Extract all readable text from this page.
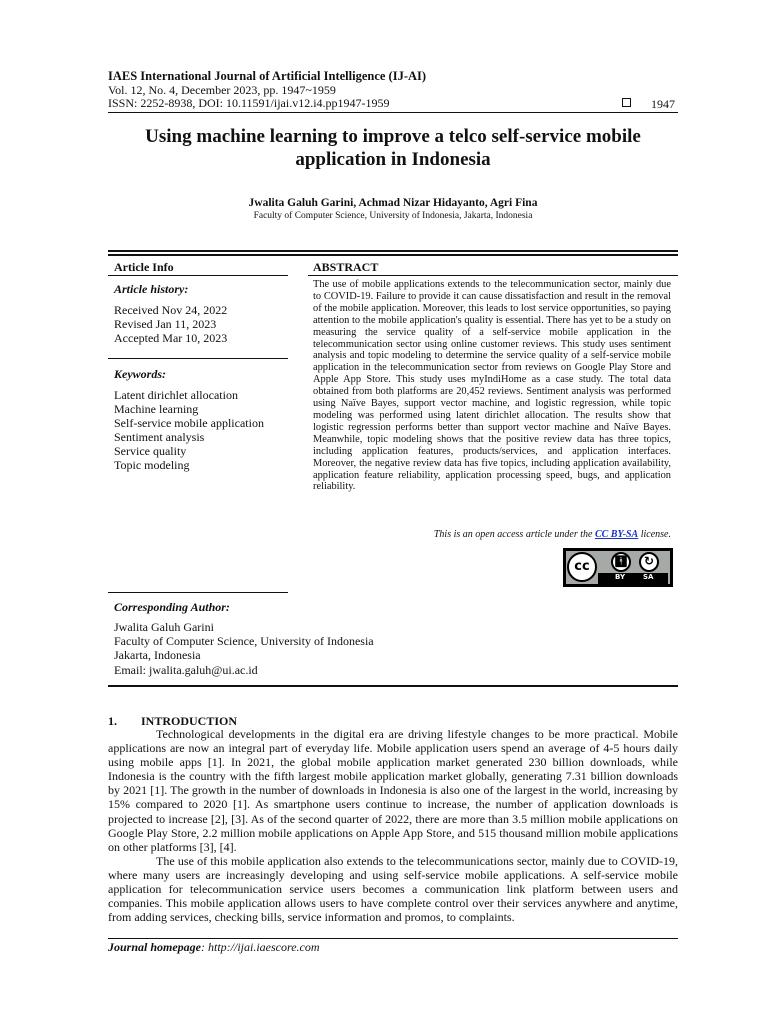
IAES International Journal of Artificial Intelligence (IJ-AI)
Vol. 12, No. 4, December 2023, pp. 1947~1959
ISSN: 2252-8938, DOI: 10.11591/ijai.v12.i4.pp1947-1959	1947
Using machine learning to improve a telco self-service mobile application in Indonesia
Jwalita Galuh Garini, Achmad Nizar Hidayanto, Agri Fina
Faculty of Computer Science, University of Indonesia, Jakarta, Indonesia
Article Info
Article history:
Received Nov 24, 2022
Revised Jan 11, 2023
Accepted Mar 10, 2023
Keywords:
Latent dirichlet allocation
Machine learning
Self-service mobile application
Sentiment analysis
Service quality
Topic modeling
ABSTRACT
The use of mobile applications extends to the telecommunication sector, mainly due to COVID-19. Failure to provide it can cause dissatisfaction and result in the removal of the mobile application. Moreover, this leads to lost service opportunities, so paying attention to the mobile application's quality is essential. There has yet to be a study on measuring the service quality of a self-service mobile application in the telecommunication sector using online customer reviews. This study uses sentiment analysis and topic modeling to determine the service quality of a self-service mobile application in the telecommunication sector from reviews on Google Play Store and Apple App Store. This study uses myIndiHome as a case study. The total data obtained from both platforms are 20,452 reviews. Sentiment analysis was performed using Naïve Bayes, support vector machine, and logistic regression, while topic modeling was performed using latent dirichlet allocation. The results show that logistic regression performs better than support vector machine and Naïve Bayes. Meanwhile, topic modeling shows that the positive review data has three topics, including application features, products/services, and application interfaces. Moreover, the negative review data has five topics, including application availability, application feature reliability, application processing speed, bugs, and application reliability.
This is an open access article under the CC BY-SA license.
cc	🚹︎	↻
BY	SA
Corresponding Author:
Jwalita Galuh Garini
Faculty of Computer Science, University of Indonesia
Jakarta, Indonesia
Email: jwalita.galuh@ui.ac.id
1.        INTRODUCTION

Technological developments in the digital era are driving lifestyle changes to be more practical. Mobile applications are now an integral part of everyday life. Mobile application users spend an average of 4-5 hours daily using mobile apps [1]. In 2021, the global mobile application market generated 230 billion downloads, while Indonesia is the country with the fifth largest mobile application market globally, generating 7.31 billion downloads by 2021 [1]. The growth in the number of downloads in Indonesia is also one of the largest in the world, increasing by 15% compared to 2020 [1]. As smartphone users continue to increase, the number of application downloads is projected to increase [2], [3]. As of the second quarter of 2022, there are more than 3.5 million mobile applications on Google Play Store, 2.2 million mobile applications on Apple App Store, and 515 thousand million mobile applications on other platforms [3], [4].

The use of this mobile application also extends to the telecommunications sector, mainly due to COVID-19, where many users are increasingly developing and using self-service mobile applications. A self-service mobile application for telecommunication service users becomes a communication link platform between users and companies. This mobile application allows users to have complete control over their services anywhere and anytime, from adding services, checking bills, service information and promos, to complaints.

Journal homepage: http://ijai.iaescore.com
